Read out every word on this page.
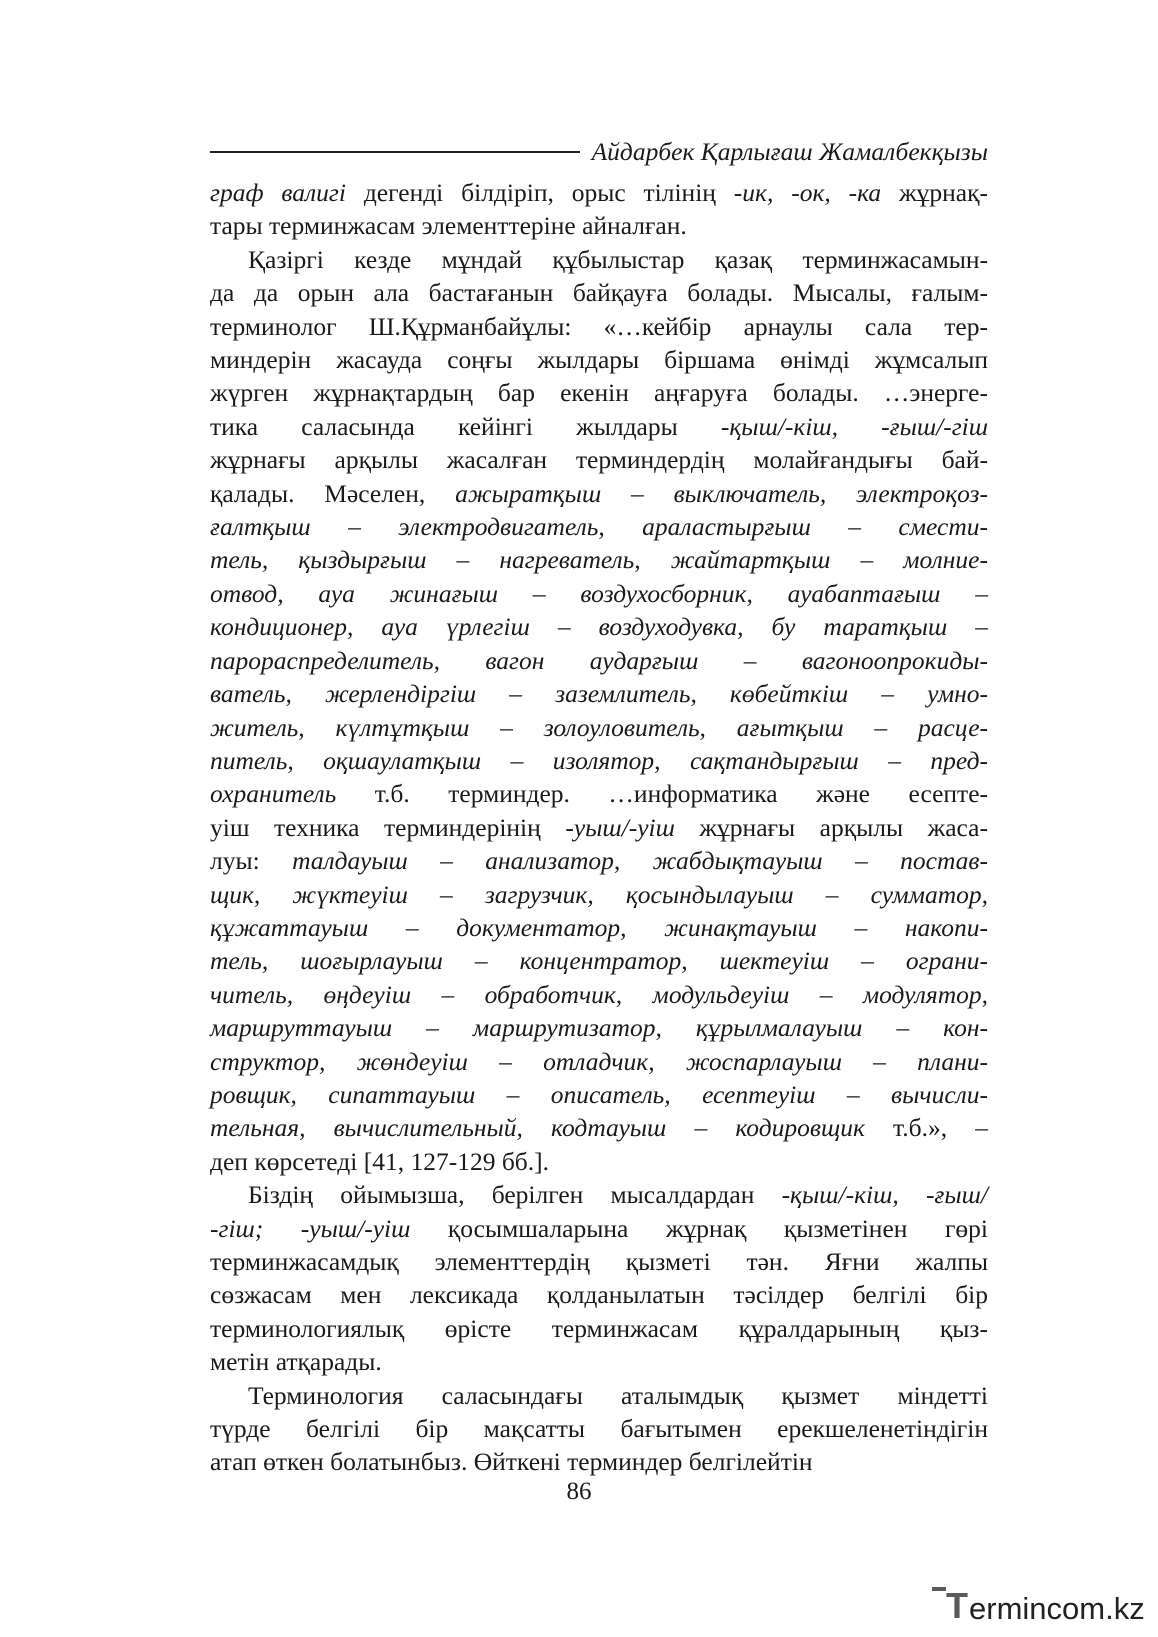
Айдарбек Қарлығаш Жамалбекқызы
граф валигі дегенді білдіріп, орыс тілінің -ик, -ок, -ка жұрнақ-
тары терминжасам элементтеріне айналған.
Қазіргі кезде мұндай құбылыстар қазақ терминжасамын-
да да орын ала бастағанын байқауға болады. Мысалы, ғалым-
терминолог Ш.Құрманбайұлы: «…кейбір арнаулы сала тер-
миндерін жасауда соңғы жылдары біршама өнімді жұмсалып
жүрген жұрнақтардың бар екенін аңғаруға болады. …энерге-
тика саласында кейінгі жылдары -қыш/-кіш, -ғыш/-гіш
жұрнағы арқылы жасалған терминдердің молайғандығы бай-
қалады. Мәселен, ажыратқыш – выключатель, электроқоз-
ғалтқыш – электродвигатель, араластырғыш – смести-
тель, қыздырғыш – нагреватель, жайтартқыш – молние-
отвод, ауа жинағыш – воздухосборник, ауабаптағыш –
кондиционер, ауа үрлегіш – воздуходувка, бу таратқыш –
парораспределитель, вагон аударғыш – вагоноопрокиды-
ватель, жерлендіргіш – заземлитель, көбейткіш – умно-
житель, күлтұтқыш – золоуловитель, ағытқыш – расце-
питель, оқшаулатқыш – изолятор, сақтандырғыш – пред-
охранитель т.б. терминдер. …информатика және есепте-
уіш техника терминдерінің -уыш/-уіш жұрнағы арқылы жаса-
луы: талдауыш – анализатор, жабдықтауыш – постав-
щик, жүктеуіш – загрузчик, қосындылауыш – сумматор,
құжаттауыш – документатор, жинақтауыш – накопи-
тель, шоғырлауыш – концентратор, шектеуіш – ограни-
читель, өңдеуіш – обработчик, модульдеуіш – модулятор,
маршруттауыш – маршрутизатор, құрылмалауыш – кон-
структор, жөндеуіш – отладчик, жоспарлауыш – плани-
ровщик, сипаттауыш – описатель, есептеуіш – вычисли-
тельная, вычислительный, кодтауыш – кодировщик т.б.», –
деп көрсетеді [41, 127-129 бб.].
Біздің ойымызша, берілген мысалдардан -қыш/-кіш, -ғыш/
-гіш; -уыш/-уіш қосымшаларына жұрнақ қызметінен гөрі
терминжасамдық элементтердің қызметі тән. Яғни жалпы
сөзжасам мен лексикада қолданылатын тәсілдер белгілі бір
терминологиялық өрісте терминжасам құралдарының қыз-
метін атқарады.
Терминология саласындағы аталымдық қызмет міндетті
түрде белгілі бір мақсатты бағытымен ерекшеленетіндігін
атап өткен болатынбыз. Өйткені терминдер белгілейтін
86
T ermincom.kz
